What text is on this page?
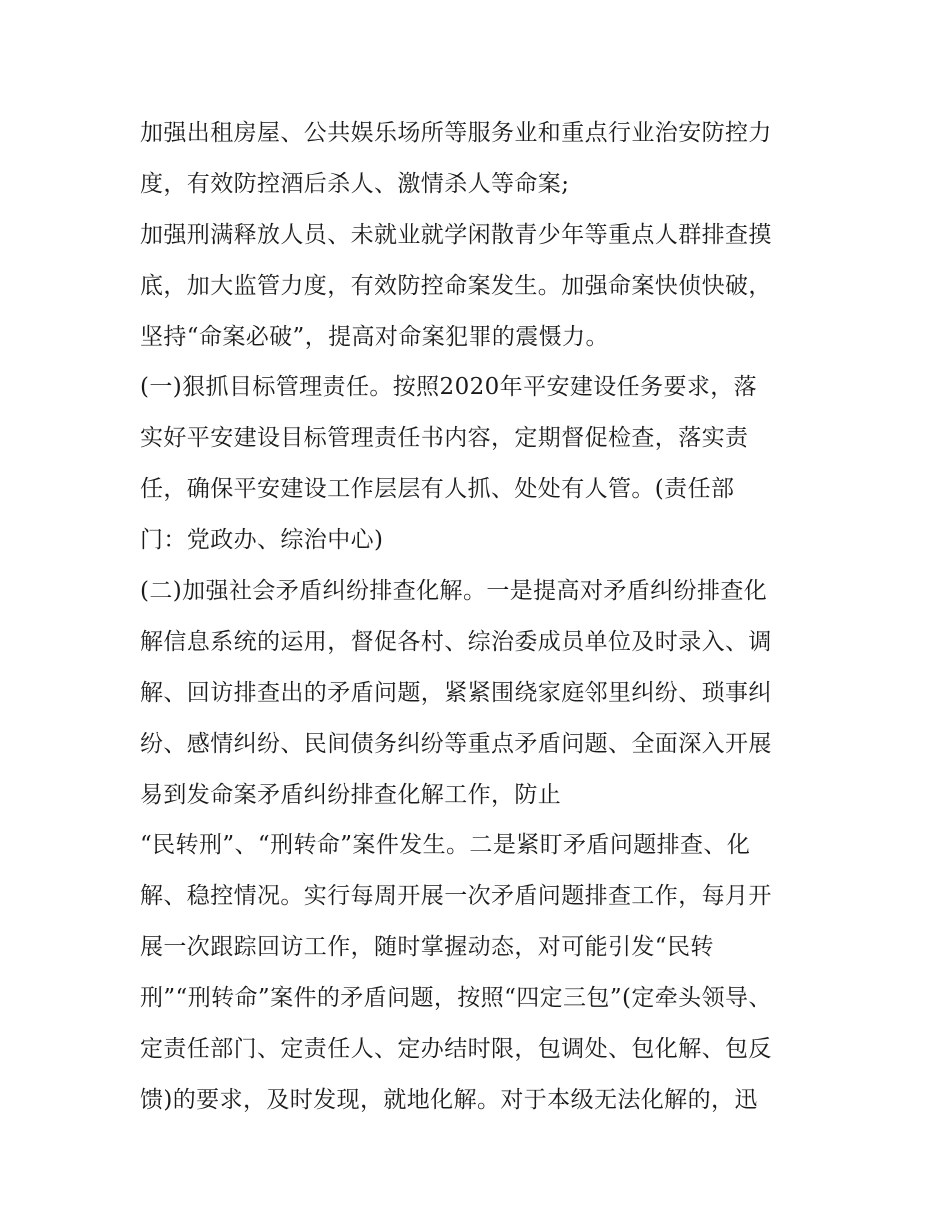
加强出租房屋、公共娱乐场所等服务业和重点行业治安防控力
度，有效防控酒后杀人、激情杀人等命案;
加强刑满释放人员、未就业就学闲散青少年等重点人群排查摸
底，加大监管力度，有效防控命案发生。加强命案快侦快破，
坚持“命案必破”，提高对命案犯罪的震慑力。
(一)狠抓目标管理责任。按照2020年平安建设任务要求，落
实好平安建设目标管理责任书内容，定期督促检查，落实责
任，确保平安建设工作层层有人抓、处处有人管。(责任部
门：党政办、综治中心)
(二)加强社会矛盾纠纷排查化解。一是提高对矛盾纠纷排查化
解信息系统的运用，督促各村、综治委成员单位及时录入、调
解、回访排查出的矛盾问题，紧紧围绕家庭邻里纠纷、琐事纠
纷、感情纠纷、民间债务纠纷等重点矛盾问题、全面深入开展
易到发命案矛盾纠纷排查化解工作，防止
“民转刑”、“刑转命”案件发生。二是紧盯矛盾问题排查、化
解、稳控情况。实行每周开展一次矛盾问题排查工作，每月开
展一次跟踪回访工作，随时掌握动态，对可能引发“民转
刑”“刑转命”案件的矛盾问题，按照“四定三包”(定牵头领导、
定责任部门、定责任人、定办结时限，包调处、包化解、包反
馈)的要求，及时发现，就地化解。对于本级无法化解的，迅
